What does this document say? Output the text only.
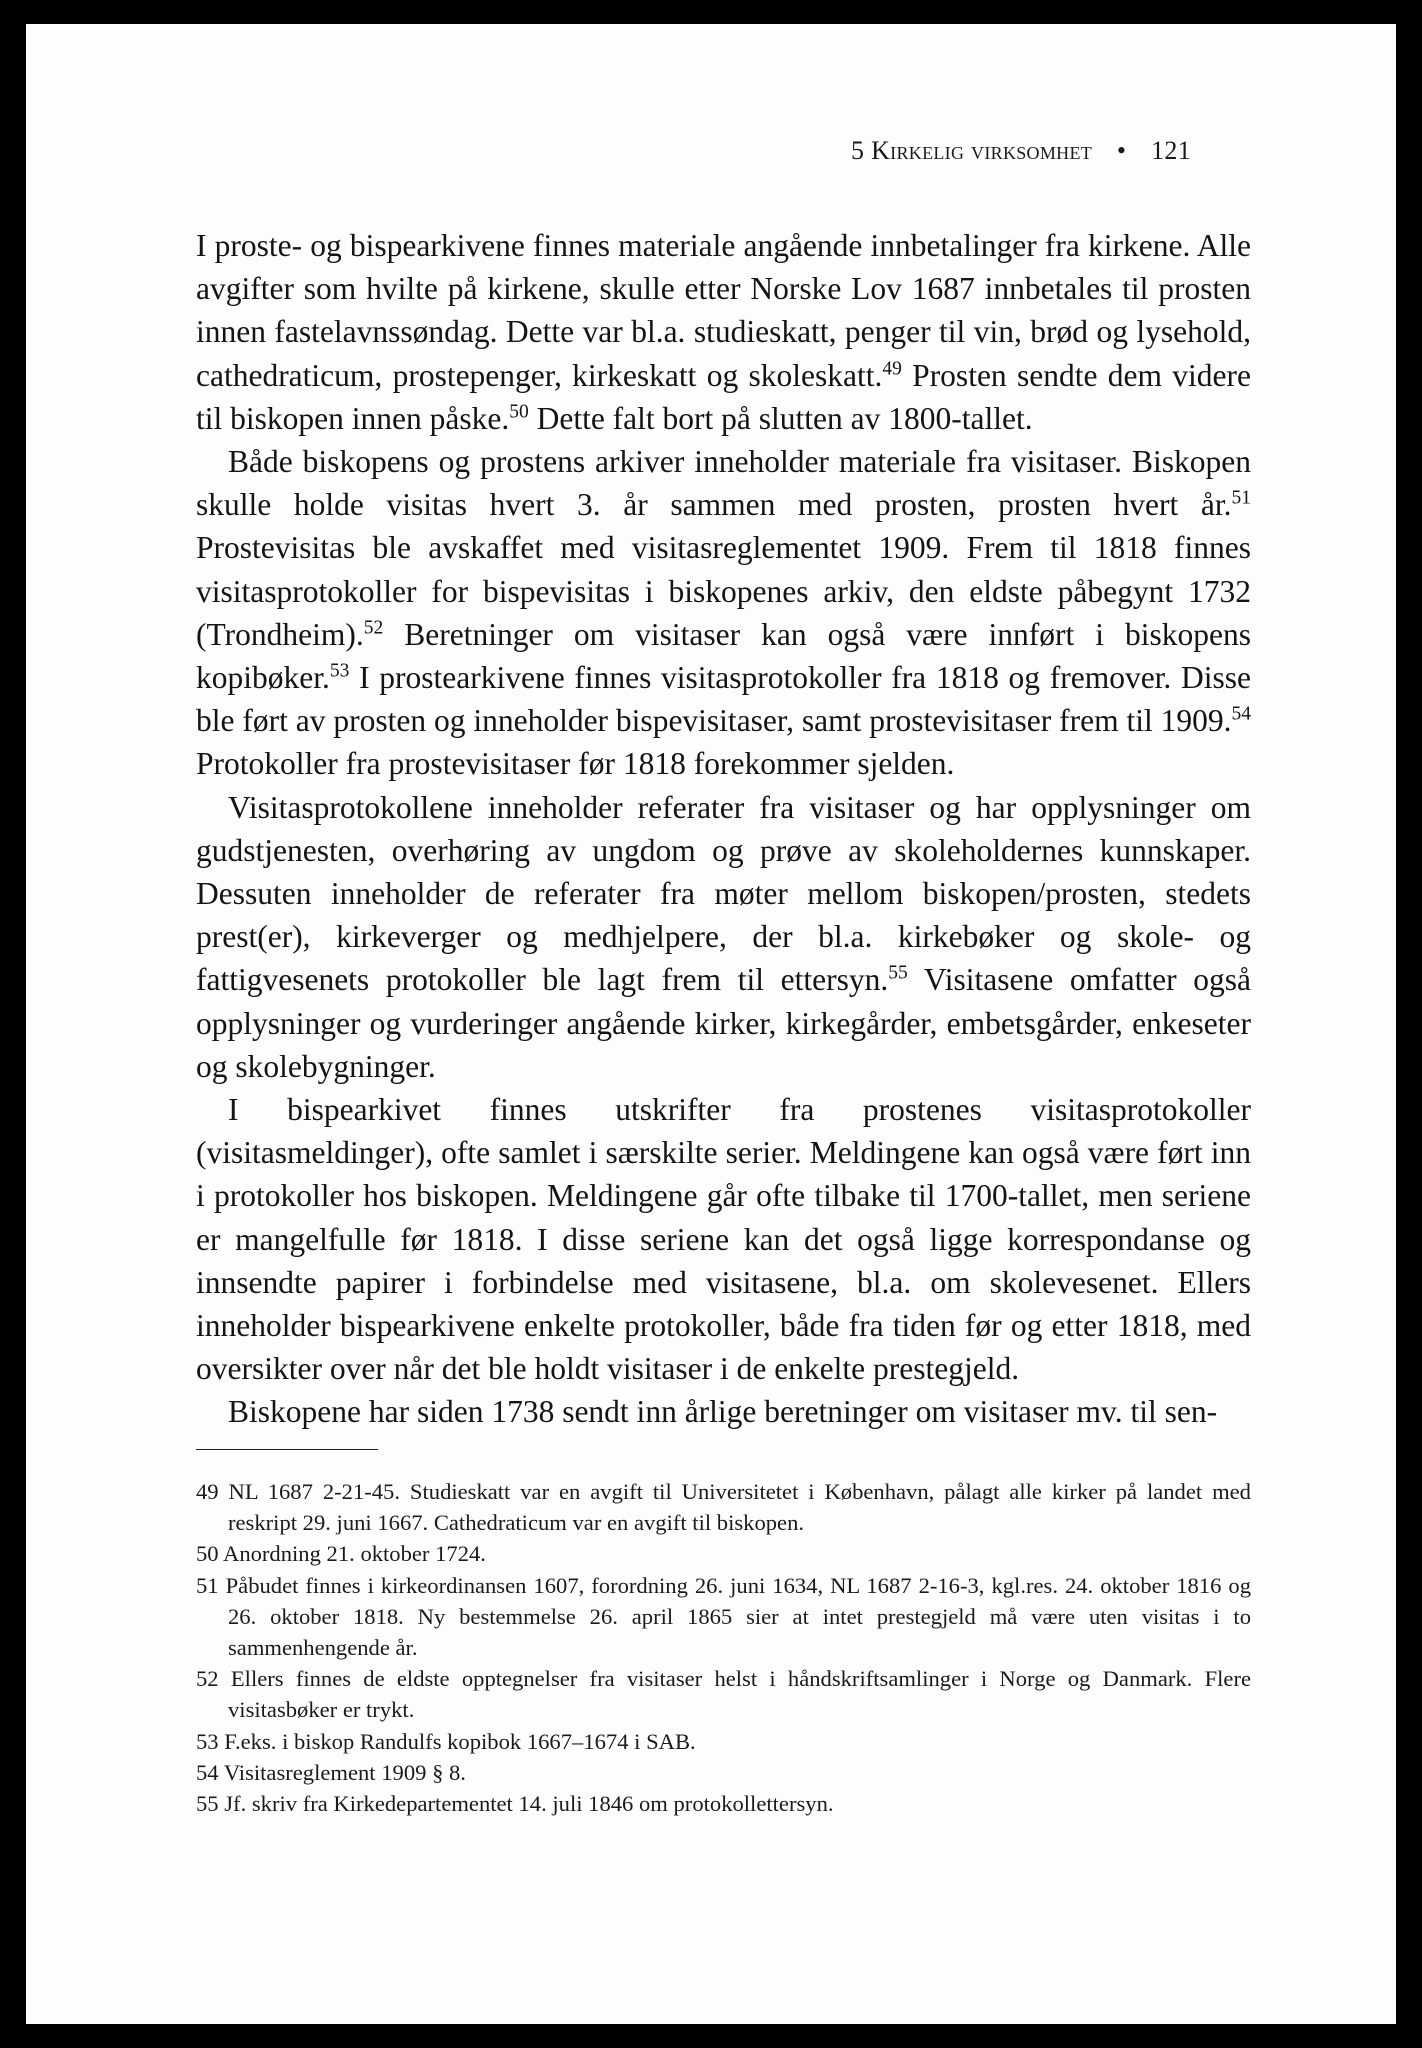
5 Kirkelig virksomhet • 121

I proste- og bispearkivene finnes materiale angående innbetalinger fra kirkene. Alle avgifter som hvilte på kirkene, skulle etter Norske Lov 1687 innbetales til prosten innen fastelavnssøndag. Dette var bl.a. studieskatt, penger til vin, brød og lysehold, cathedraticum, prostepenger, kirkeskatt og skoleskatt.$^{49}$ Prosten sendte dem videre til biskopen innen påske.$^{50}$ Dette falt bort på slutten av 1800-tallet.

Både biskopens og prostens arkiver inneholder materiale fra visitaser. Biskopen skulle holde visitas hvert 3. år sammen med prosten, prosten hvert år.$^{51}$ Prostevisitas ble avskaffet med visitasreglementet 1909. Frem til 1818 finnes visitasprotokoller for bispevisitas i biskopenes arkiv, den eldste påbegynt 1732 (Trondheim).$^{52}$ Beretninger om visitaser kan også være innført i biskopens kopibøker.$^{53}$ I prostearkivene finnes visitasprotokoller fra 1818 og fremover. Disse ble ført av prosten og inneholder bispevisitaser, samt prostevisitaser frem til 1909.54 Protokoller fra prostevisitaser før 1818 forekommer sjelden.

Visitasprotokollene inneholder referater fra visitaser og har opplysninger om gudstjenesten, overhøring av ungdom og prøve av skoleholdernes kunnskaper. Dessuten inneholder de referater fra møter mellom biskopen/prosten, stedets prest(er), kirkeverger og medhjelpere, der bl.a. kirkebøker og skole- og fattigvesenets protokoller ble lagt frem til ettersyn.$^{55}$ Visitasene omfatter også opplysninger og vurderinger angående kirker, kirkegårder, embetsgårder, enkeseter og skolebygninger.

I bispearkivet finnes utskrifter fra prostenes visitasprotokoller (visitasmeldinger), ofte samlet i særskilte serier. Meldingene kan også være ført inn i protokoller hos biskopen. Meldingene går ofte tilbake til 1700-tallet, men seriene er mangelfulle før 1818. I disse seriene kan det også ligge korrespondanse og innsendte papirer i forbindelse med visitasene, bl.a. om skolevesenet. Ellers inneholder bispearkivene enkelte protokoller, både fra tiden før og etter 1818, med oversikter over når det ble holdt visitaser i de enkelte prestegjeld.

Biskopene har siden 1738 sendt inn årlige beretninger om visitaser mv. til sen-

49 NL 1687 2-21-45. Studieskatt var en avgift til Universitetet i København, pålagt alle kirker på landet med reskript 29. juni 1667. Cathedraticum var en avgift til biskopen.

50 Anordning 21. oktober 1724.

51 Påbudet finnes i kirkeordinansen 1607, forordning 26. juni 1634, NL 1687 2-16-3, kgl.res. 24. oktober 1816 og 26. oktober 1818. Ny bestemmelse 26. april 1865 sier at intet prestegjeld må være uten visitas i to sammenhengende år.

52 Ellers finnes de eldste opptegnelser fra visitaser helst i håndskriftsamlinger i Norge og Danmark. Flere visitasbøker er trykt.

53 F.eks. i biskop Randulfs kopibok 1667–1674 i SAB.

54 Visitasreglement 1909 § 8.

55 Jf. skriv fra Kirkedepartementet 14. juli 1846 om protokollettersyn.
